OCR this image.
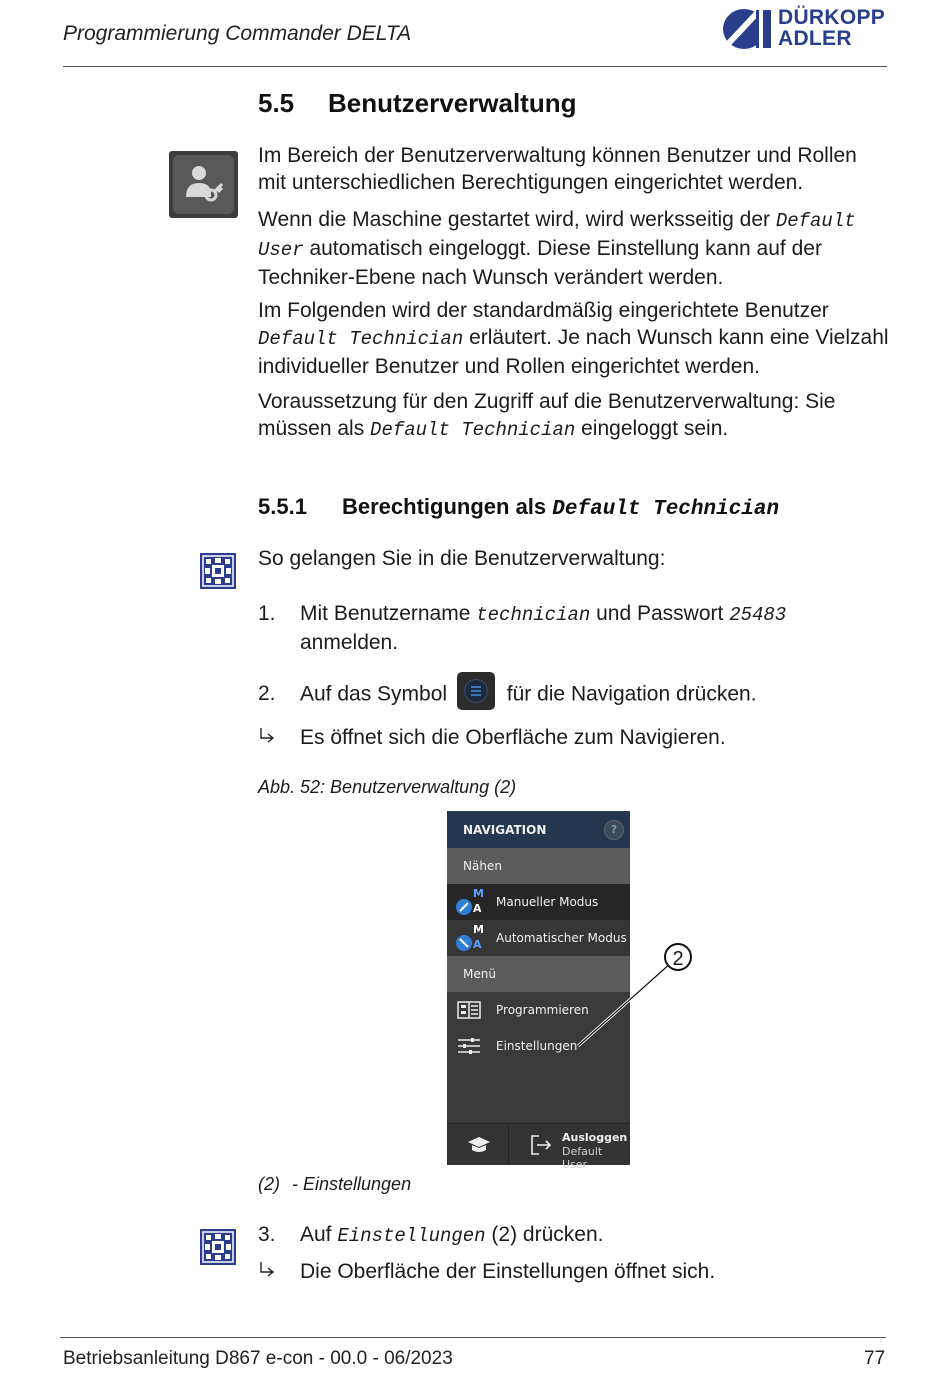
Programmierung Commander DELTA
DÜRKOPP
ADLER
5.5 Benutzerverwaltung
Im Bereich der Benutzerverwaltung können Benutzer und Rollen mit unterschiedlichen Berechtigungen eingerichtet werden.
Wenn die Maschine gestartet wird, wird werksseitig der Default User automatisch eingeloggt. Diese Einstellung kann auf der Techniker-Ebene nach Wunsch verändert werden.
Im Folgenden wird der standardmäßig eingerichtete Benutzer Default Technician erläutert. Je nach Wunsch kann eine Vielzahl individueller Benutzer und Rollen eingerichtet werden.
Voraussetzung für den Zugriff auf die Benutzerverwaltung: Sie müssen als Default Technician eingeloggt sein.
5.5.1 Berechtigungen als Default Technician
So gelangen Sie in die Benutzerverwaltung:
1. Mit Benutzername technician und Passwort 25483 anmelden.
2. Auf das Symbol
für die Navigation drücken.
Es öffnet sich die Oberfläche zum Navigieren.
Abb. 52: Benutzerverwaltung (2)
NAVIGATION	?
Nähen
M
A Manueller Modus
M
A Automatischer Modus
Menü
Programmieren
Einstellungen
Ausloggen
Default User
2
(2) - Einstellungen
3. Auf Einstellungen (2) drücken.
Die Oberfläche der Einstellungen öffnet sich.
Betriebsanleitung D867 e-con - 00.0 - 06/2023	77
